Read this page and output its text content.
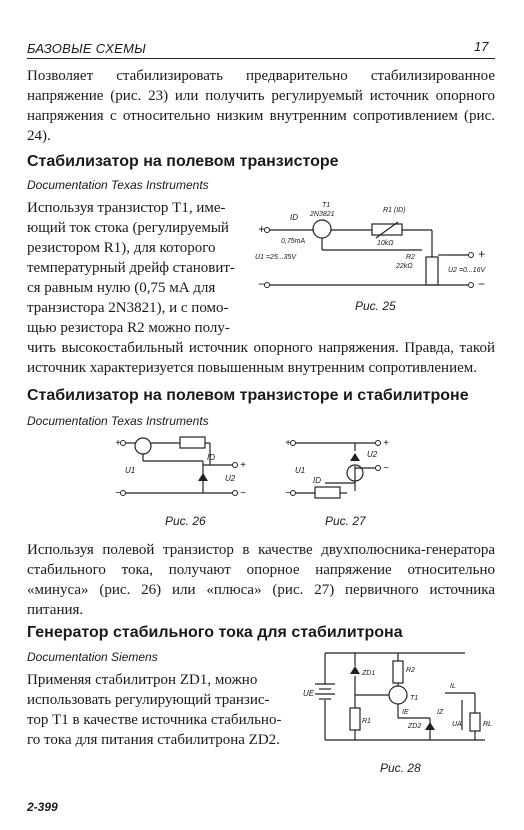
БАЗОВЫЕ СХЕМЫ	17
Позволяет стабилизировать предварительно стабилизированное напряжение (рис. 23) или получить регулируемый источник опорного напряжения с относительно низким внутренним сопротивлением (рис. 24).
Стабилизатор на полевом транзисторе
Documentation Texas Instruments
Используя транзистор T1, име-
ющий ток стока (регулируемый
резистором R1), для которого
температурный дрейф становит-
ся равным нулю (0,75 мА для
транзистора 2N3821), и с помо-
щью резистора R2 можно полу-
чить высокостабильный источник опорного напряжения. Правда, такой источник характеризуется повышенным внутренним сопротивлением.
+
−
+
−
ID
0,75mA
T1
2N3821
R1 (ID)
10kΩ
U1 =25...35V	R2
22kΩ
U2 =0...16V
Рис. 25
Стабилизатор на полевом транзисторе и стабилитроне
Documentation Texas Instruments
+
−
+
−
U1
U2
ID
Рис. 26
+
−
+
−
U1
U2
ID
Рис. 27
Используя полевой транзистор в качестве двухполюсника-генератора стабильного тока, получают опорное напряжение относительно «минуса» (рис. 26) или «плюса» (рис. 27) первичного источника питания.
Генератор стабильного тока для стабилитрона
Documentation Siemens
Применяя стабилитрон ZD1, можно
использовать регулирующий транзис-
тор T1 в качестве источника стабильно-
го тока для питания стабилитрона ZD2.
UE
ZD1	R2
R1
T1
IE
ZD2
IZ
IL
UA	RL
Рис. 28
2-399
